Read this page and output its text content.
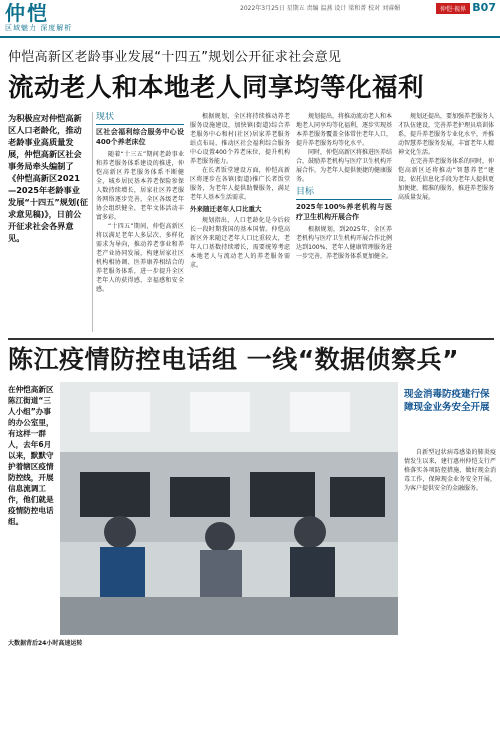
仲恺
区域魅力 深度解析
2022年3月25日 星期五 责编 温燕 设计 梁和菁 校对 刘睿媚	仲恺·视界 B07
仲恺高新区老龄事业发展“十四五”规划公开征求社会意见
流动老人和本地老人同享均等化福利
为积极应对仲恺高新区人口老龄化，推动老龄事业高质量发展，仲恺高新区社会事务局牵头编制了《仲恺高新区2021—2025年老龄事业发展“十四五”规划(征求意见稿)》，日前公开征求社会各界意见。
现状
区社会福利综合服务中心设400个养老床位

随着“十三五”期间老龄事业和养老服务体系建设的推进，仲恺高新区养老服务体系不断健全，城乡居民基本养老保险参保人数持续增长，居家社区养老服务网络逐步完善，全区各级老年协会组织健全，老年文体活动丰富多彩。

“十四五”期间，仲恺高新区将以满足老年人多层次、多样化需求为导向，推动养老事业和养老产业协同发展，构建居家社区机构相协调、医养康养相结合的养老服务体系，进一步提升全区老年人的获得感、幸福感和安全感。

根据规划，全区将持续推动养老服务设施建设，加快镇(街道)综合养老服务中心和村(社区)居家养老服务站点布局，推动区社会福利综合服务中心设置400个养老床位，提升机构养老服务能力。

在长者饭堂建设方面，仲恺高新区将逐步在各镇(街道)推广长者饭堂服务，为老年人提供助餐服务，满足老年人基本生活需求。

外来随迁老年人口比重大

规划指出，人口老龄化是今后较长一段时期我国的基本国情。仲恺高新区外来随迁老年人口比重较大，老年人口基数持续增长，需要统筹考虑本地老人与流动老人的养老服务需求。

规划提出，将推动流动老人和本地老人同享均等化福利，逐步实现基本养老服务覆盖全体常住老年人口，提升养老服务均等化水平。

同时，仲恺高新区将推进医养结合，鼓励养老机构与医疗卫生机构开展合作，为老年人提供便捷的健康服务。

目标
2025年100%养老机构与医疗卫生机构开展合作

根据规划，到2025年，全区养老机构与医疗卫生机构开展合作比例达到100%，老年人健康管理服务进一步完善，养老服务体系更加健全。

规划还提出，要加强养老服务人才队伍建设，完善养老护理员培训体系，提升养老服务专业化水平，并推动智慧养老服务发展，丰富老年人精神文化生活。

在完善养老服务体系的同时，仲恺高新区还将推动“智慧养老”建设，依托信息化手段为老年人提供更加便捷、精准的服务，推进养老服务高质量发展。

陈江疫情防控电话组 一线“数据侦察兵”
在仲恺高新区陈江街道“三人小组”办事的办公室里，有这样一群人，去年6月以来，默默守护着辖区疫情防控线，开展信息流调工作，他们就是疫情防控电话组。
现金消毒防疫建行保障现金业务安全开展

自新型冠状病毒感染的肺炎疫情发生以来，建行惠州仲恺支行严格落实各项防控措施，做好现金消毒工作，保障现金业务安全开展，为客户提供安全的金融服务。

大数据背后24小时高速运转
